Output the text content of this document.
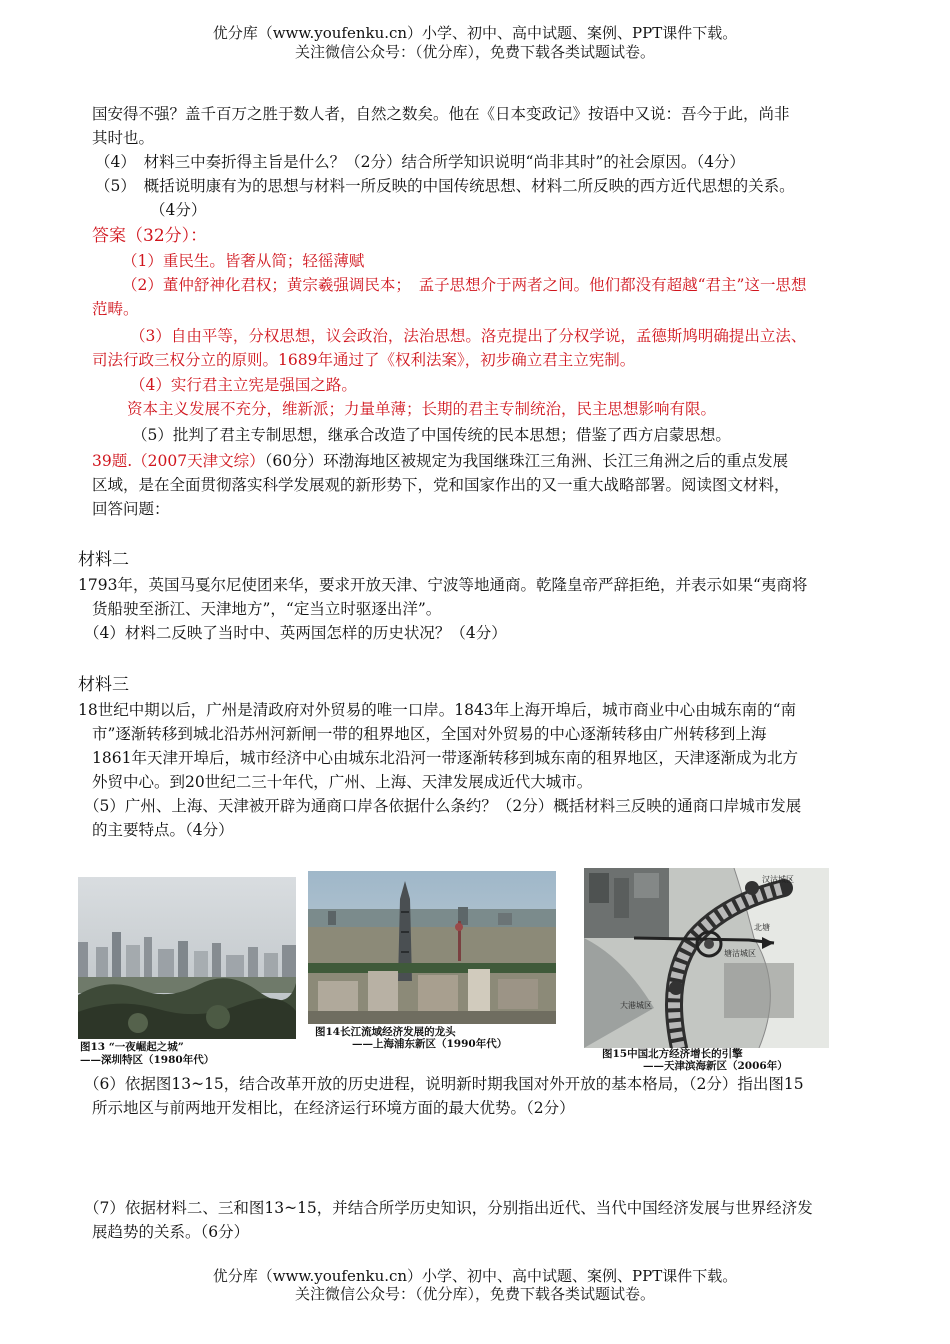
优分库（www.youfenku.cn）小学、初中、高中试题、案例、PPT课件下载。
关注微信公众号：（优分库），免费下载各类试题试卷。
国安得不强？盖千百万之胜于数人者，自然之数矣。他在《日本变政记》按语中又说：吾今于此，尚非
其时也。
（4）　材料三中奏折得主旨是什么？（2分）结合所学知识说明“尚非其时”的社会原因。（4分）
（5）　概括说明康有为的思想与材料一所反映的中国传统思想、材料二所反映的西方近代思想的关系。
（4分）
答案（32分）：
（1）重民生。皆奢从简；轻徭薄赋
（2）董仲舒神化君权；黄宗羲强调民本；　孟子思想介于两者之间。他们都没有超越“君主”这一思想
范畴。
（3）自由平等，分权思想，议会政治，法治思想。洛克提出了分权学说，孟德斯鸠明确提出立法、
司法行政三权分立的原则。1689年通过了《权利法案》，初步确立君主立宪制。
（4）实行君主立宪是强国之路。
资本主义发展不充分，维新派；力量单薄；长期的君主专制统治，民主思想影响有限。
（5）批判了君主专制思想，继承合改造了中国传统的民本思想；借鉴了西方启蒙思想。
39题.（2007天津文综）（60分）环渤海地区被规定为我国继珠江三角洲、长江三角洲之后的重点发展
区域，是在全面贯彻落实科学发展观的新形势下，党和国家作出的又一重大战略部署。阅读图文材料，
回答问题：
材料二
1793年，英国马戛尔尼使团来华，要求开放天津、宁波等地通商。乾隆皇帝严辞拒绝，并表示如果“夷商将
货船驶至浙江、天津地方”，“定当立时驱逐出洋”。
（4）材料二反映了当时中、英两国怎样的历史状况？（4分）
材料三
18世纪中期以后，广州是清政府对外贸易的唯一口岸。1843年上海开埠后，城市商业中心由城东南的“南
市”逐渐转移到城北沿苏州河新闸一带的租界地区，全国对外贸易的中心逐渐转移由广州转移到上海
1861年天津开埠后，城市经济中心由城东北沿河一带逐渐转移到城东南的租界地区，天津逐渐成为北方
外贸中心。到20世纪二三十年代，广州、上海、天津发展成近代大城市。
（5）广州、上海、天津被开辟为通商口岸各依据什么条约？（2分）概括材料三反映的通商口岸城市发展
的主要特点。（4分）
图13 “一夜崛起之城”
——深圳特区（1980年代）
图14长江流域经济发展的龙头
——上海浦东新区（1990年代）
汉沽城区
塘沽城区
北塘
大港城区
图15中国北方经济增长的引擎
——天津滨海新区（2006年）
（6）依据图13~15，结合改革开放的历史进程，说明新时期我国对外开放的基本格局，（2分）指出图15
所示地区与前两地开发相比，在经济运行环境方面的最大优势。（2分）
（7）依据材料二、三和图13~15，并结合所学历史知识，分别指出近代、当代中国经济发展与世界经济发
展趋势的关系。（6分）
优分库（www.youfenku.cn）小学、初中、高中试题、案例、PPT课件下载。
关注微信公众号：（优分库），免费下载各类试题试卷。
